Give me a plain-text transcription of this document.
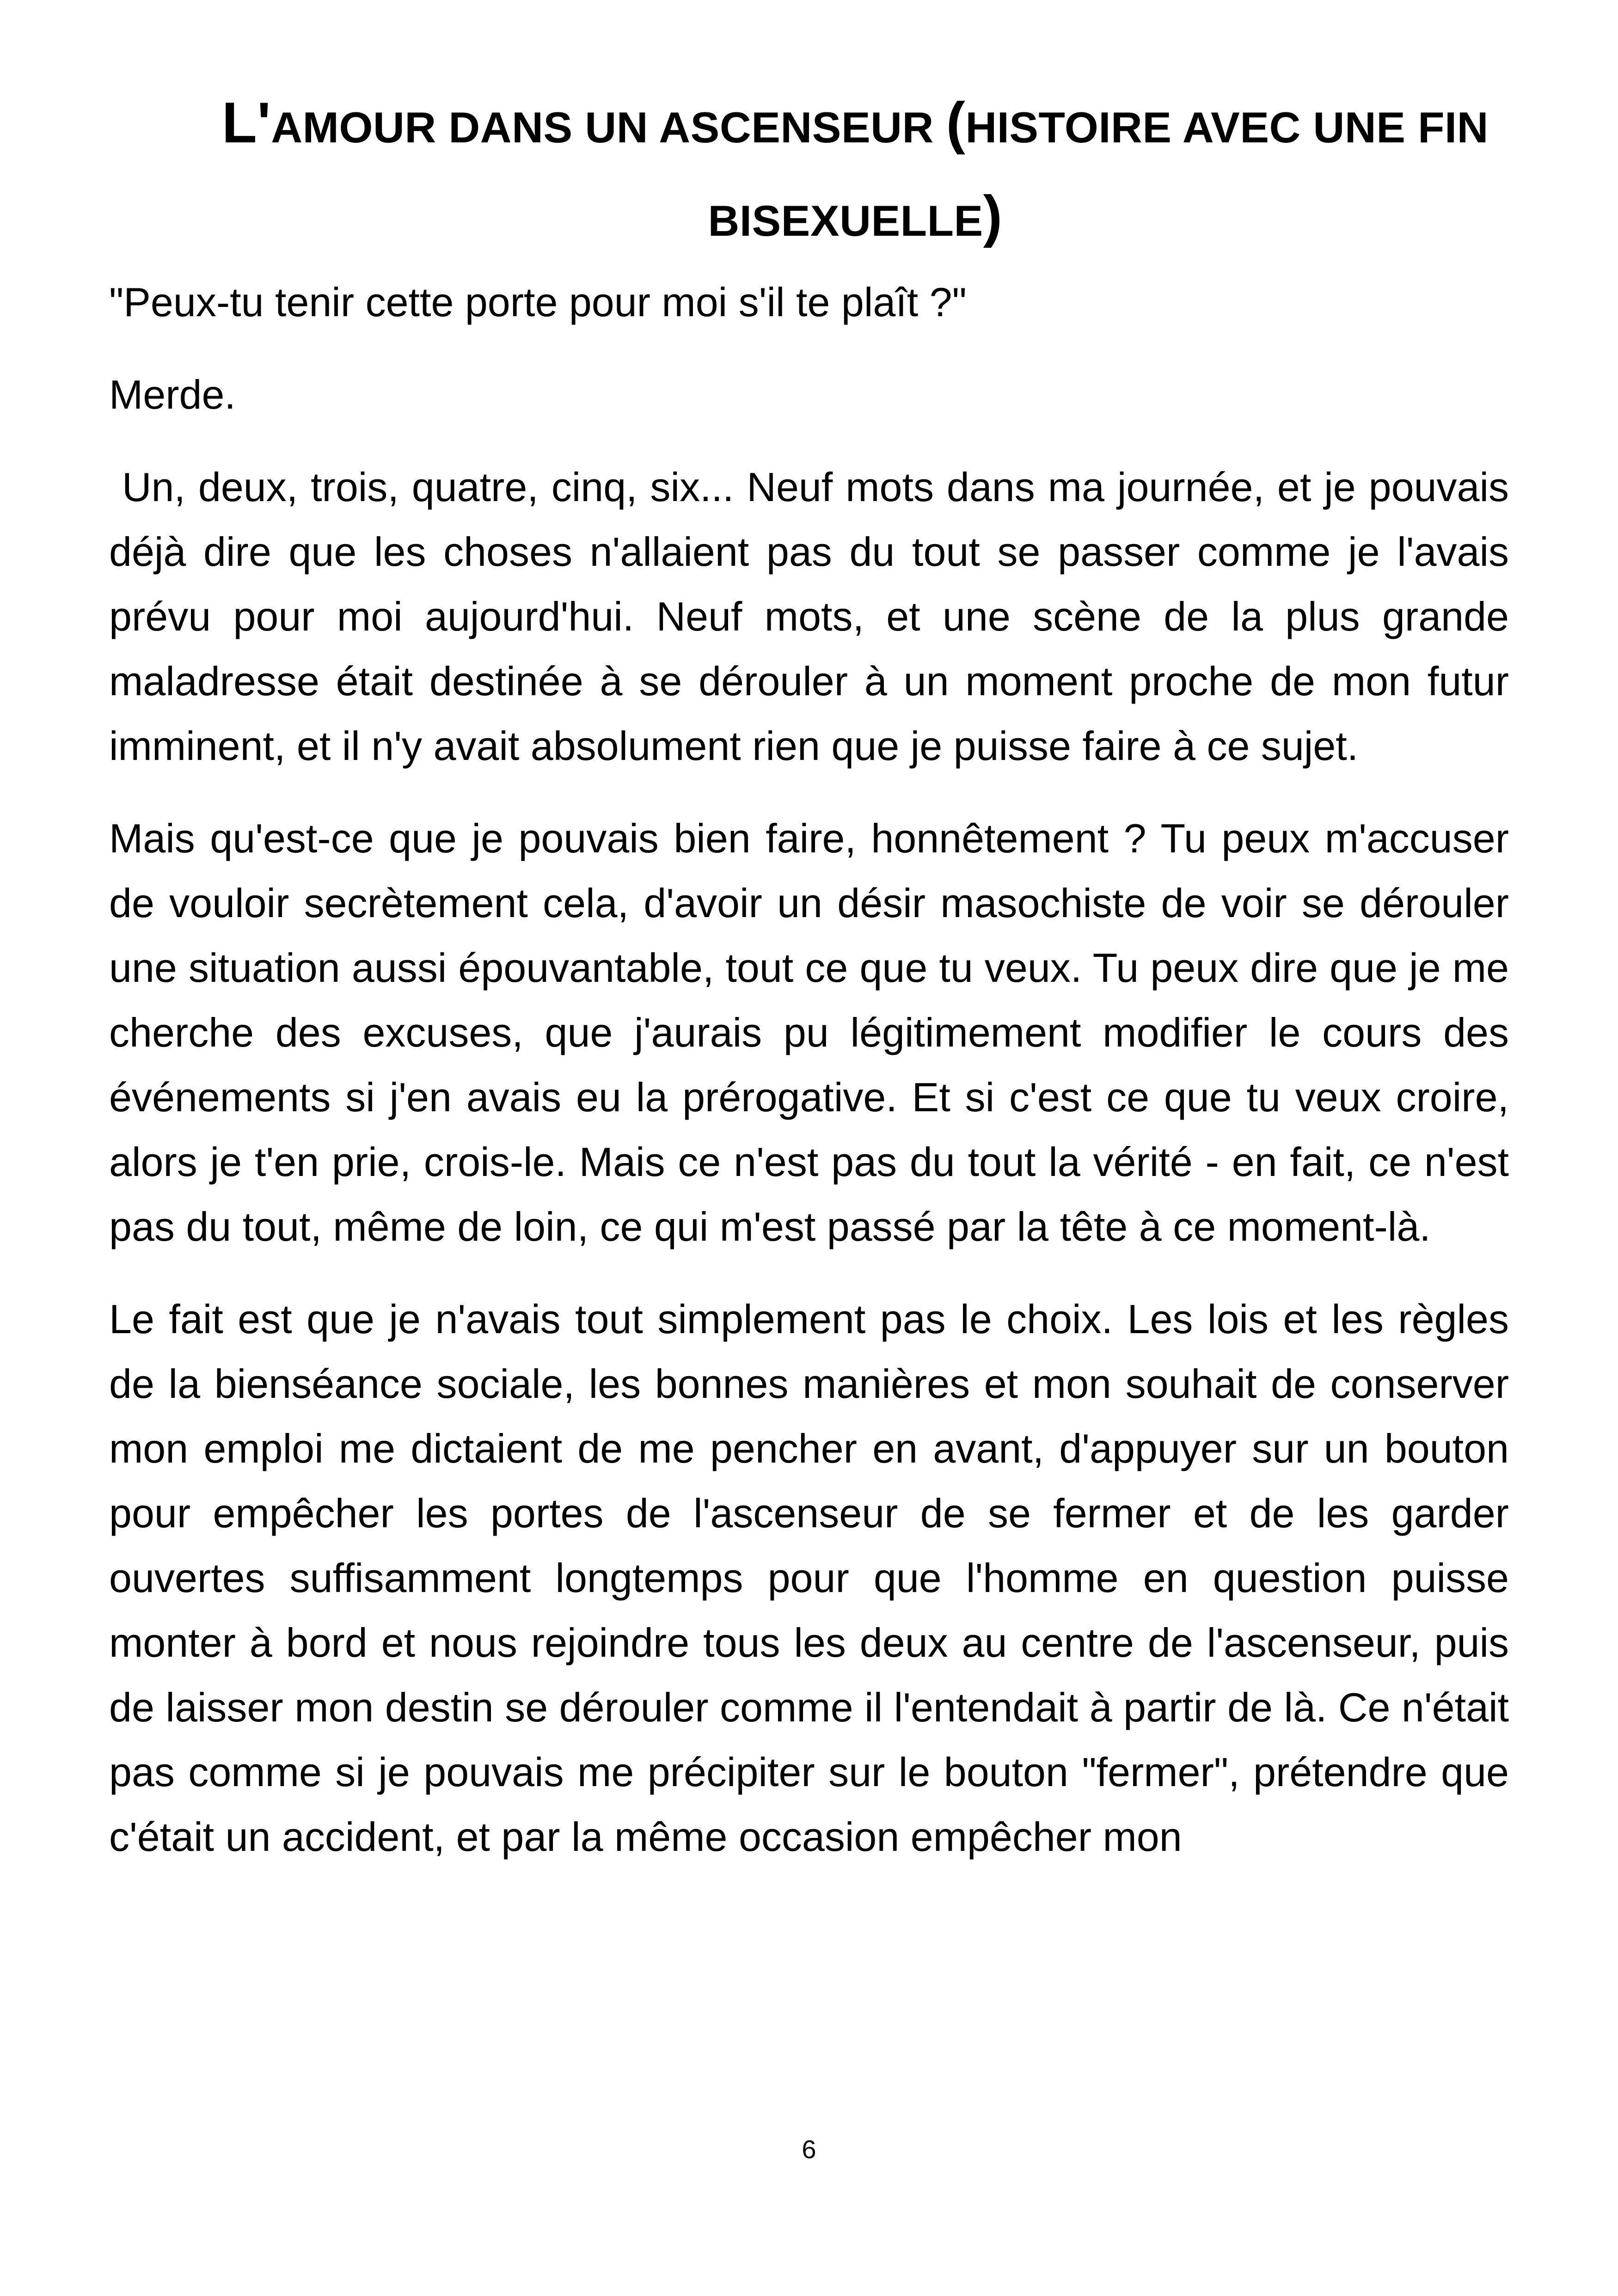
L'AMOUR DANS UN ASCENSEUR (HISTOIRE AVEC UNE FIN BISEXUELLE)

"Peux-tu tenir cette porte pour moi s'il te plaît ?"

Merde.

Un, deux, trois, quatre, cinq, six... Neuf mots dans ma journée, et je pouvais déjà dire que les choses n'allaient pas du tout se passer comme je l'avais prévu pour moi aujourd'hui. Neuf mots, et une scène de la plus grande maladresse était destinée à se dérouler à un moment proche de mon futur imminent, et il n'y avait absolument rien que je puisse faire à ce sujet.

Mais qu'est-ce que je pouvais bien faire, honnêtement ? Tu peux m'accuser de vouloir secrètement cela, d'avoir un désir masochiste de voir se dérouler une situation aussi épouvantable, tout ce que tu veux. Tu peux dire que je me cherche des excuses, que j'aurais pu légitimement modifier le cours des événements si j'en avais eu la prérogative. Et si c'est ce que tu veux croire, alors je t'en prie, crois-le. Mais ce n'est pas du tout la vérité - en fait, ce n'est pas du tout, même de loin, ce qui m'est passé par la tête à ce moment-là.

Le fait est que je n'avais tout simplement pas le choix. Les lois et les règles de la bienséance sociale, les bonnes manières et mon souhait de conserver mon emploi me dictaient de me pencher en avant, d'appuyer sur un bouton pour empêcher les portes de l'ascenseur de se fermer et de les garder ouvertes suffisamment longtemps pour que l'homme en question puisse monter à bord et nous rejoindre tous les deux au centre de l'ascenseur, puis de laisser mon destin se dérouler comme il l'entendait à partir de là. Ce n'était pas comme si je pouvais me précipiter sur le bouton "fermer", prétendre que c'était un accident, et par la même occasion empêcher mon

6
